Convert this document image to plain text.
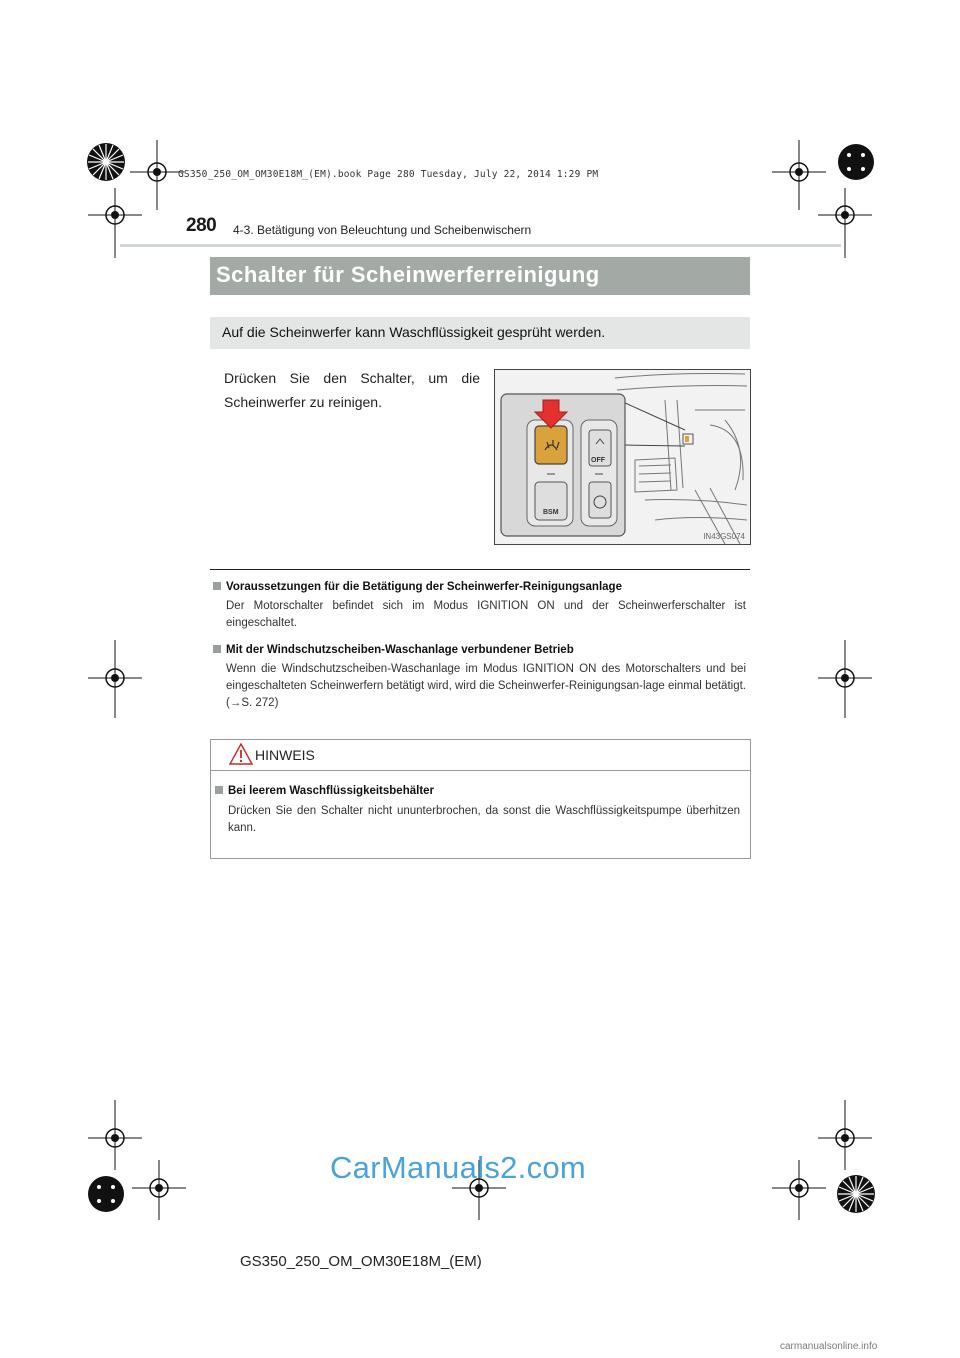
GS350_250_OM_OM30E18M_(EM).book Page 280 Tuesday, July 22, 2014 1:29 PM
280 4-3. Betätigung von Beleuchtung und Scheibenwischern
Schalter für Scheinwerferreinigung
Auf die Scheinwerfer kann Waschflüssigkeit gesprüht werden.
Drücken Sie den Schalter, um die Scheinwerfer zu reinigen.
OFF
BSM
IN43GS074
Voraussetzungen für die Betätigung der Scheinwerfer-Reinigungsanlage
Der Motorschalter befindet sich im Modus IGNITION ON und der Scheinwerferschalter ist eingeschaltet.
Mit der Windschutzscheiben-Waschanlage verbundener Betrieb
Wenn die Windschutzscheiben-Waschanlage im Modus IGNITION ON des Motorschalters und bei eingeschalteten Scheinwerfern betätigt wird, wird die Scheinwerfer-Reinigungsan-lage einmal betätigt. (→S. 272)
HINWEIS
Bei leerem Waschflüssigkeitsbehälter
Drücken Sie den Schalter nicht ununterbrochen, da sonst die Waschflüssigkeitspumpe überhitzen kann.
CarManuals2.com
GS350_250_OM_OM30E18M_(EM)
carmanualsonline.info
